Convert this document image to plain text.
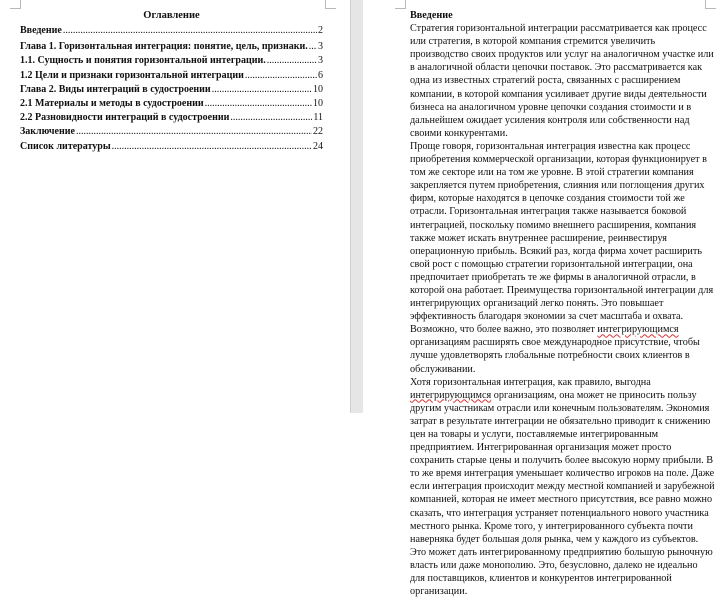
Оглавление
Введение .....	2
Глава 1. Горизонтальная интеграция: понятие, цель, признаки. ..... 3
1.1. Сущность и понятия горизонтальной интеграции. .....	3
1.2 Цели и признаки горизонтальной интеграции .....	6
Глава 2. Виды интеграций в судостроении .....	10
2.1 Материалы и методы в судостроении .....	10
2.2 Разновидности интеграций в судостроении .....	11
Заключение .....	22
Список литературы .....	24

Введение

Стратегия горизонтальной интеграции рассматривается как процесс или стратегия, в которой компания стремится увеличить производство своих продуктов или услуг на аналогичном участке или в аналогичной области цепочки поставок. Это рассматривается как одна из известных стратегий роста, связанных с расширением компании, в которой компания усиливает другие виды деятельности бизнеса на аналогичном уровне цепочки создания стоимости и в дальнейшем ожидает усиления контроля или собственности над своими конкурентами.

Проще говоря, горизонтальная интеграция известна как процесс приобретения коммерческой организации, которая функционирует в том же секторе или на том же уровне. В этой стратегии компания закрепляется путем приобретения, слияния или поглощения других фирм, которые находятся в цепочке создания стоимости той же отрасли. Горизонтальная интеграция также называется боковой интеграцией, поскольку помимо внешнего расширения, компания также может искать внутреннее расширение, реинвестируя операционную прибыль. Всякий раз, когда фирма хочет расширить свой рост с помощью стратегии горизонтальной интеграции, она предпочитает приобретать те же фирмы в аналогичной отрасли, в которой она работает. Преимущества горизонтальной интеграции для интегрирующих организаций легко понять. Это повышает эффективность благодаря экономии за счет масштаба и охвата. Возможно, что более важно, это позволяет интегрирующимся организациям расширять свое международное присутствие, чтобы лучше удовлетворять глобальные потребности своих клиентов в обслуживании.

Хотя горизонтальная интеграция, как правило, выгодна интегрирующимся организациям, она может не приносить пользу другим участникам отрасли или конечным пользователям. Экономия затрат в результате интеграции не обязательно приводит к снижению цен на товары и услуги, поставляемые интегрированным предприятием. Интегрированная организация может просто сохранить старые цены и получить более высокую норму прибыли. В то же время интеграция уменьшает количество игроков на поле. Даже если интеграция происходит между местной компанией и зарубежной компанией, которая не имеет местного присутствия, все равно можно сказать, что интеграция устраняет потенциального нового участника местного рынка. Кроме того, у интегрированного субъекта почти наверняка будет большая доля рынка, чем у каждого из субъектов. Это может дать интегрированному предприятию большую рыночную власть или даже монополию. Это, безусловно, далеко не идеально для поставщиков, клиентов и конкурентов интегрированной организации.
